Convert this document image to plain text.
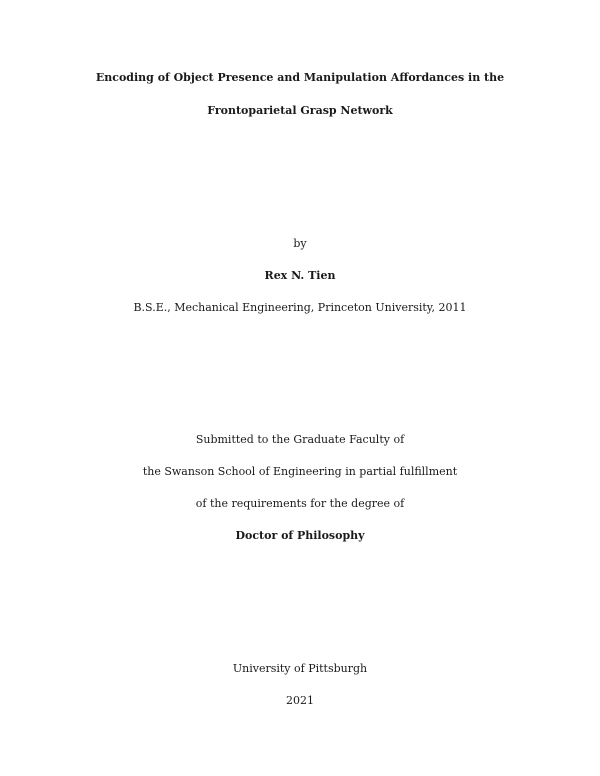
Encoding of Object Presence and Manipulation Affordances in the
Frontoparietal Grasp Network
by
Rex N. Tien
B.S.E., Mechanical Engineering, Princeton University, 2011
Submitted to the Graduate Faculty of
the Swanson School of Engineering in partial fulfillment
of the requirements for the degree of
Doctor of Philosophy
University of Pittsburgh
2021
